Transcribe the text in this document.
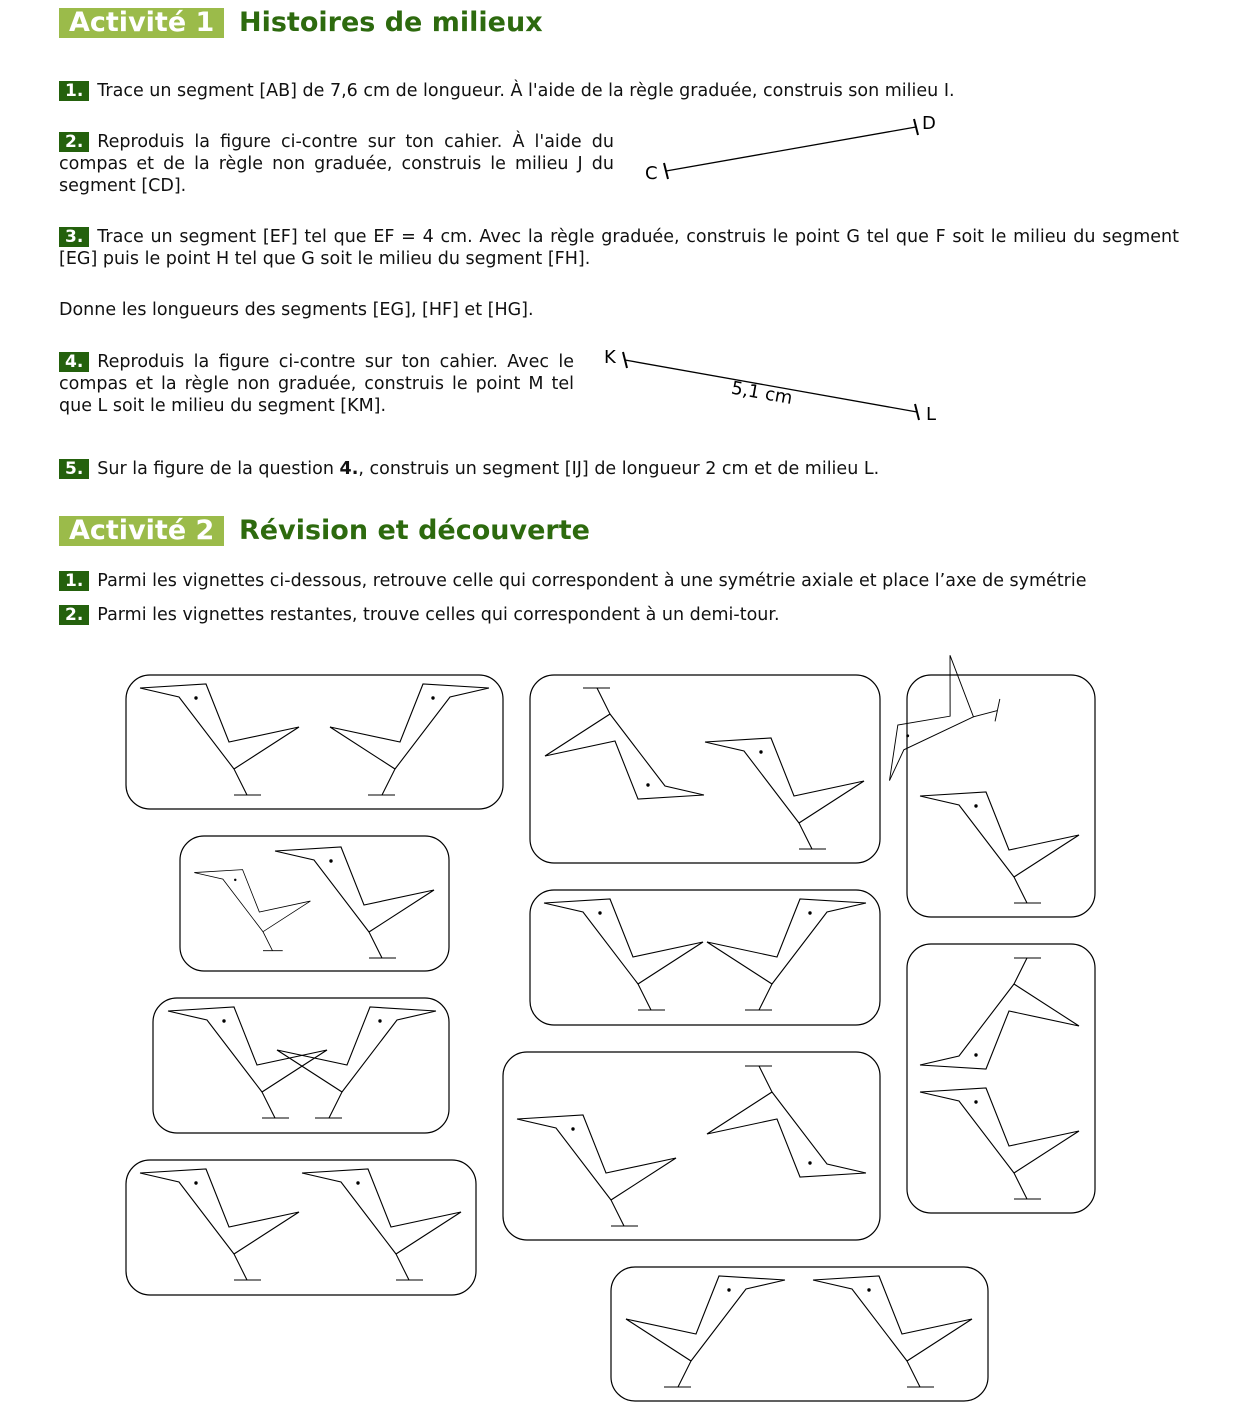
Activité 1 Histoires de milieux
1. Trace un segment [AB] de 7,6 cm de longueur. À l'aide de la règle graduée, construis son milieu I.
2. Reproduis la figure ci-contre sur ton cahier. À l'aide du compas et de la règle non graduée, construis le milieu J du segment [CD].
C
D
3. Trace un segment [EF] tel que EF = 4 cm. Avec la règle graduée, construis le point G tel que F soit le milieu du segment [EG] puis le point H tel que G soit le milieu du segment [FH].
Donne les longueurs des segments [EG], [HF] et [HG].
4. Reproduis la figure ci-contre sur ton cahier. Avec le compas et la règle non graduée, construis le point M tel que L soit le milieu du segment [KM].
K
L
5,1 cm
5. Sur la figure de la question 4., construis un segment [IJ] de longueur 2 cm et de milieu L.
Activité 2 Révision et découverte
1. Parmi les vignettes ci-dessous, retrouve celle qui correspondent à une symétrie axiale et place l’axe de symétrie
2. Parmi les vignettes restantes, trouve celles qui correspondent à un demi-tour.
